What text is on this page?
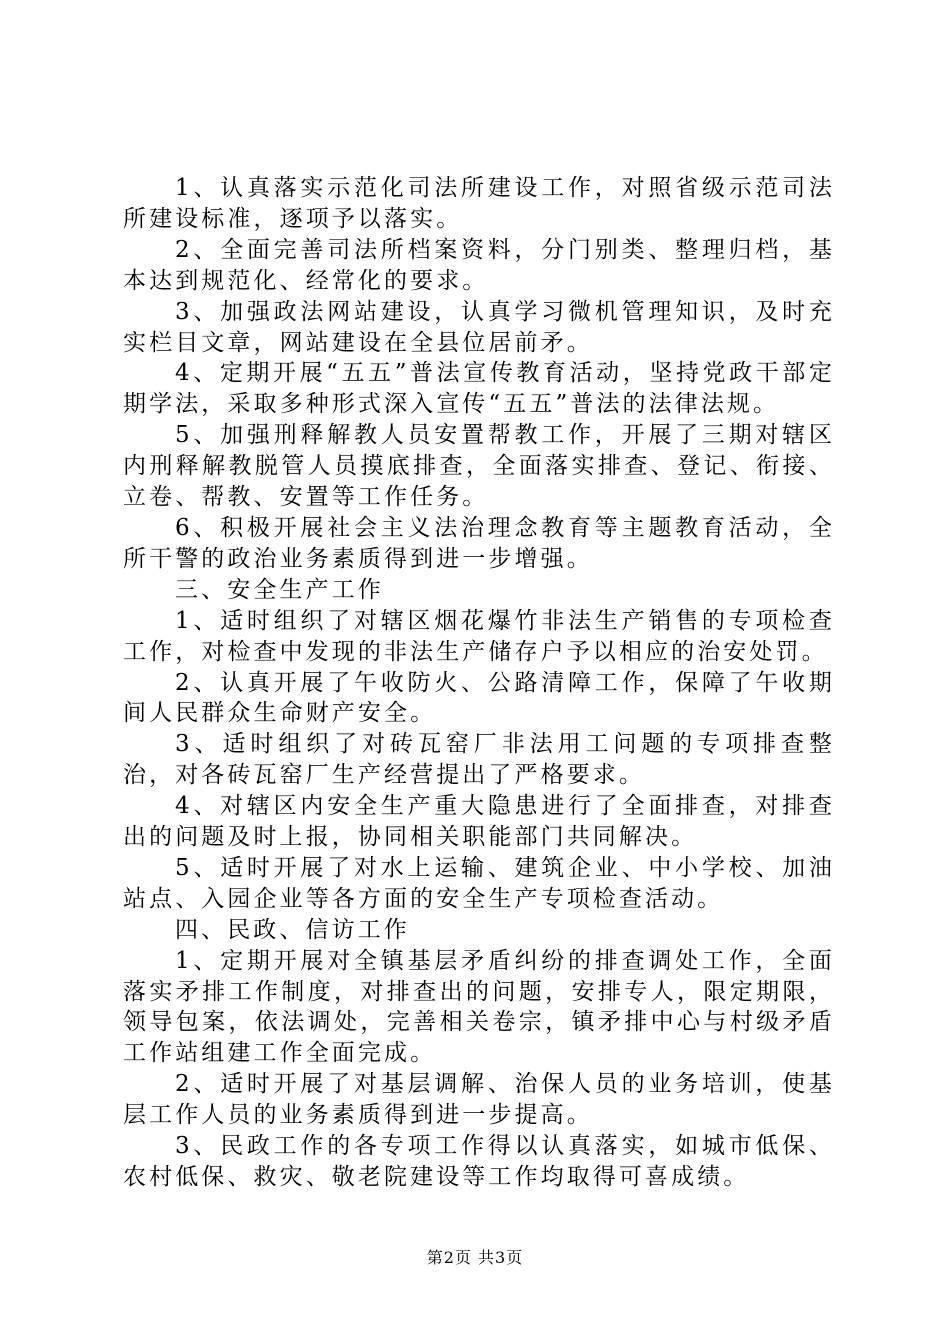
1、认真落实示范化司法所建设工作，对照省级示范司法所建设标准，逐项予以落实。

2、全面完善司法所档案资料，分门别类、整理归档，基本达到规范化、经常化的要求。

3、加强政法网站建设，认真学习微机管理知识，及时充实栏目文章，网站建设在全县位居前矛。

4、定期开展“五五”普法宣传教育活动，坚持党政干部定期学法，采取多种形式深入宣传“五五”普法的法律法规。

5、加强刑释解教人员安置帮教工作，开展了三期对辖区内刑释解教脱管人员摸底排查，全面落实排查、登记、衔接、立卷、帮教、安置等工作任务。

6、积极开展社会主义法治理念教育等主题教育活动，全所干警的政治业务素质得到进一步增强。

三、安全生产工作

1、适时组织了对辖区烟花爆竹非法生产销售的专项检查工作，对检查中发现的非法生产储存户予以相应的治安处罚。

2、认真开展了午收防火、公路清障工作，保障了午收期间人民群众生命财产安全。

3、适时组织了对砖瓦窑厂非法用工问题的专项排查整治，对各砖瓦窑厂生产经营提出了严格要求。

4、对辖区内安全生产重大隐患进行了全面排查，对排查出的问题及时上报，协同相关职能部门共同解决。

5、适时开展了对水上运输、建筑企业、中小学校、加油站点、入园企业等各方面的安全生产专项检查活动。

四、民政、信访工作

1、定期开展对全镇基层矛盾纠纷的排查调处工作，全面落实矛排工作制度，对排查出的问题，安排专人，限定期限，领导包案，依法调处，完善相关卷宗，镇矛排中心与村级矛盾工作站组建工作全面完成。

2、适时开展了对基层调解、治保人员的业务培训，使基层工作人员的业务素质得到进一步提高。

3、民政工作的各专项工作得以认真落实，如城市低保、农村低保、救灾、敬老院建设等工作均取得可喜成绩。

第2页 共3页
